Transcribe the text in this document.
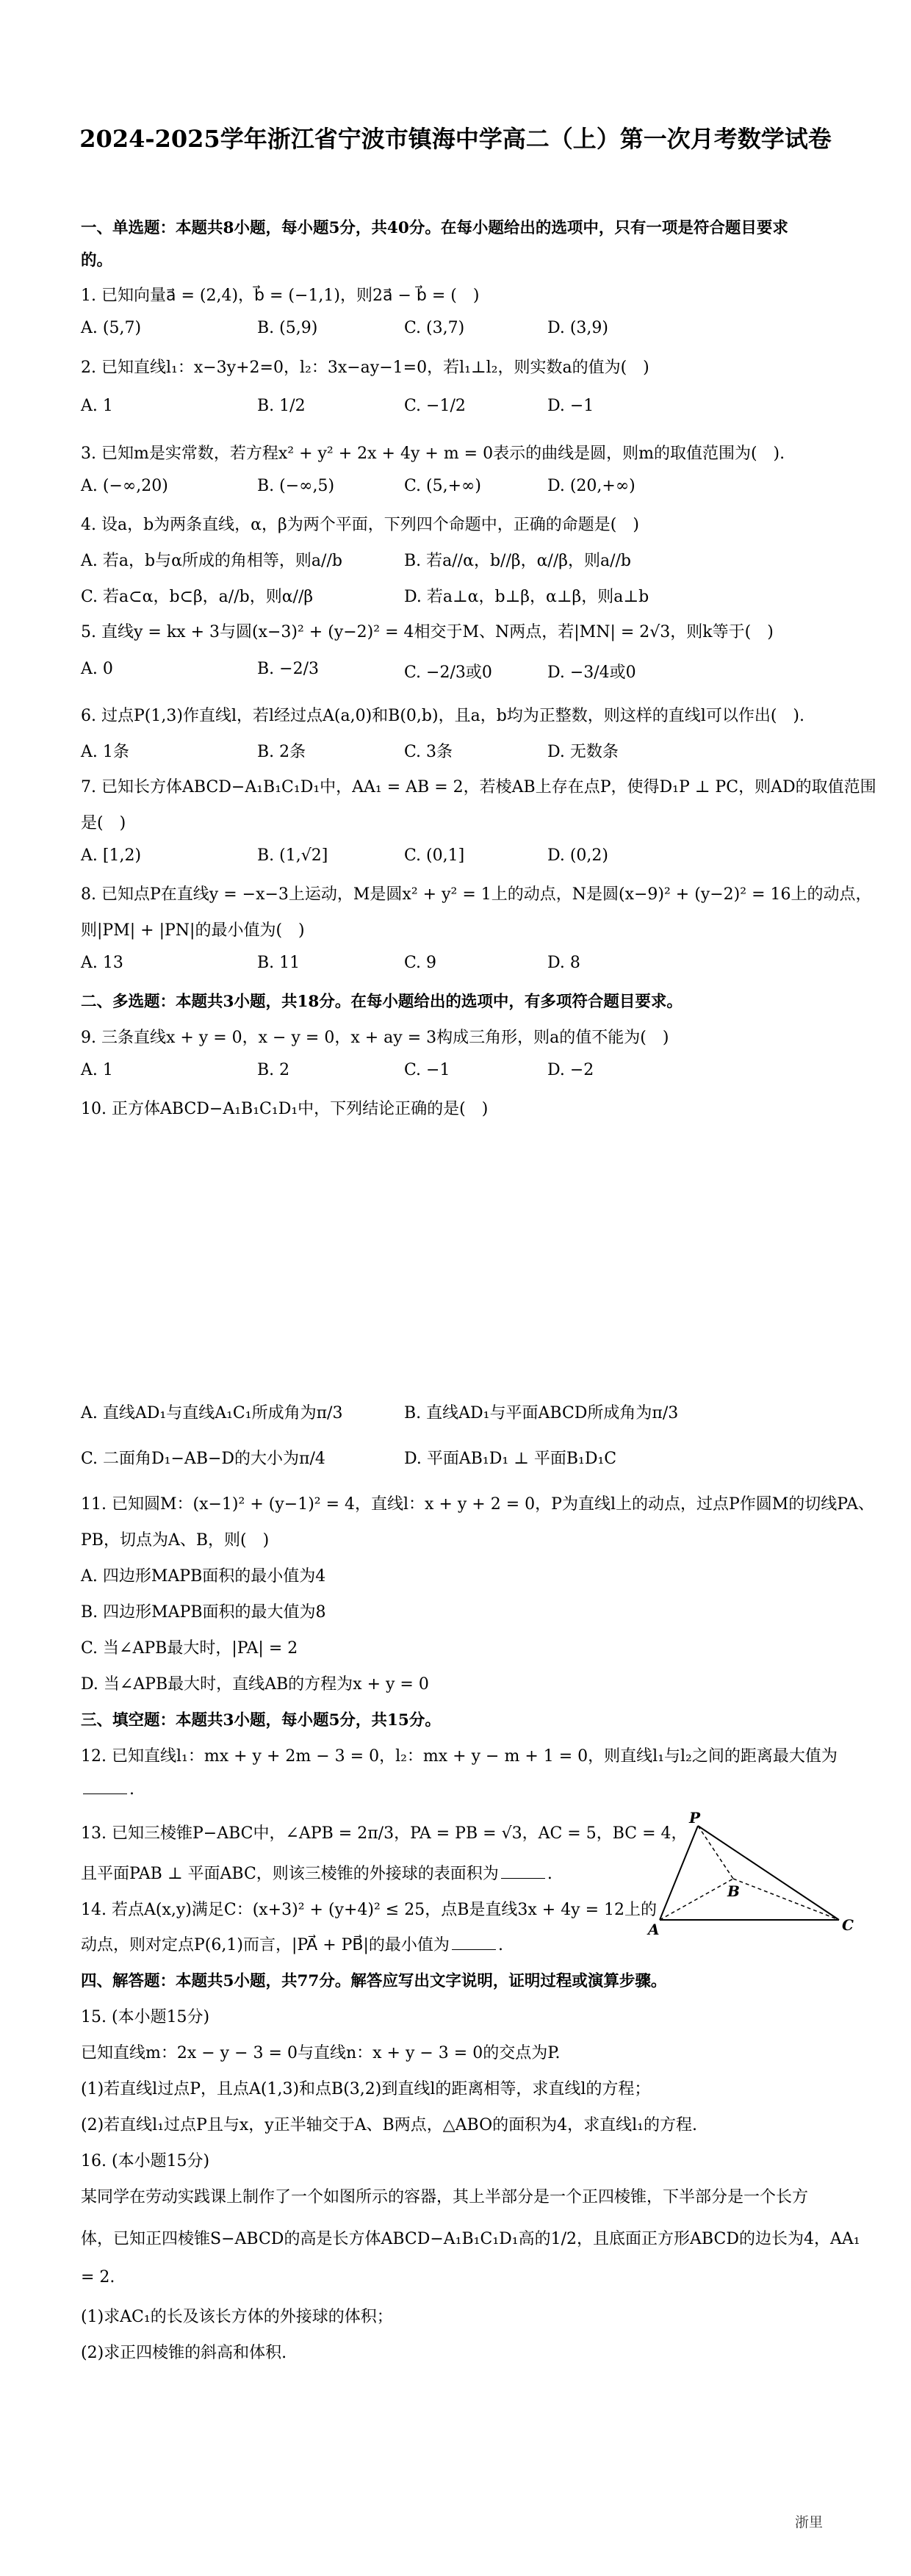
2024-2025学年浙江省宁波市镇海中学高二（上）第一次月考数学试卷
一、单选题：本题共8小题，每小题5分，共40分。在每小题给出的选项中，只有一项是符合题目要求
的。
1. 已知向量a⃗ = (2,4)，b⃗ = (−1,1)，则2a⃗ − b⃗ = (　)
A. (5,7)	B. (5,9)	C. (3,7)	D. (3,9)
2. 已知直线l₁：x−3y+2=0，l₂：3x−ay−1=0，若l₁⊥l₂，则实数a的值为(　)
A. 1	B. 1/2	C. −1/2	D. −1
3. 已知m是实常数，若方程x² + y² + 2x + 4y + m = 0表示的曲线是圆，则m的取值范围为(　).
A. (−∞,20)	B. (−∞,5)	C. (5,+∞)	D. (20,+∞)
4. 设a，b为两条直线，α，β为两个平面，下列四个命题中，正确的命题是(　)
A. 若a，b与α所成的角相等，则a//b	B. 若a//α，b//β，α//β，则a//b
C. 若a⊂α，b⊂β，a//b，则α//β	D. 若a⊥α，b⊥β，α⊥β，则a⊥b
5. 直线y = kx + 3与圆(x−3)² + (y−2)² = 4相交于M、N两点，若|MN| = 2√3，则k等于(　)
A. 0	B. −2/3	C. −2/3或0	D. −3/4或0
6. 过点P(1,3)作直线l，若l经过点A(a,0)和B(0,b)，且a，b均为正整数，则这样的直线l可以作出(　).
A. 1条	B. 2条	C. 3条	D. 无数条
7. 已知长方体ABCD−A₁B₁C₁D₁中，AA₁ = AB = 2，若棱AB上存在点P，使得D₁P ⊥ PC，则AD的取值范围
是(　)
A. [1,2)	B. (1,√2]	C. (0,1]	D. (0,2)
8. 已知点P在直线y = −x−3上运动，M是圆x² + y² = 1上的动点，N是圆(x−9)² + (y−2)² = 16上的动点，
则|PM| + |PN|的最小值为(　)
A. 13	B. 11	C. 9	D. 8
二、多选题：本题共3小题，共18分。在每小题给出的选项中，有多项符合题目要求。
9. 三条直线x + y = 0，x − y = 0，x + ay = 3构成三角形，则a的值不能为(　)
A. 1	B. 2	C. −1	D. −2
10. 正方体ABCD−A₁B₁C₁D₁中，下列结论正确的是(　)
A. 直线AD₁与直线A₁C₁所成角为π/3	B. 直线AD₁与平面ABCD所成角为π/3
C. 二面角D₁−AB−D的大小为π/4	D. 平面AB₁D₁ ⊥ 平面B₁D₁C
11. 已知圆M：(x−1)² + (y−1)² = 4，直线l：x + y + 2 = 0，P为直线l上的动点，过点P作圆M的切线PA、
PB，切点为A、B，则(　)
A. 四边形MAPB面积的最小值为4
B. 四边形MAPB面积的最大值为8
C. 当∠APB最大时，|PA| = 2
D. 当∠APB最大时，直线AB的方程为x + y = 0
三、填空题：本题共3小题，每小题5分，共15分。
12. 已知直线l₁：mx + y + 2m − 3 = 0，l₂：mx + y − m + 1 = 0，则直线l₁与l₂之间的距离最大值为
.
13. 已知三棱锥P−ABC中，∠APB = 2π/3，PA = PB = √3，AC = 5，BC = 4，
且平面PAB ⊥ 平面ABC，则该三棱锥的外接球的表面积为	.
14. 若点A(x,y)满足C：(x+3)² + (y+4)² ≤ 25，点B是直线3x + 4y = 12上的
动点，则对定点P(6,1)而言，|PA⃗ + PB⃗|的最小值为	.
P
A
B
C
四、解答题：本题共5小题，共77分。解答应写出文字说明，证明过程或演算步骤。
15. (本小题15分)
已知直线m：2x − y − 3 = 0与直线n：x + y − 3 = 0的交点为P.
(1)若直线l过点P，且点A(1,3)和点B(3,2)到直线l的距离相等，求直线l的方程；
(2)若直线l₁过点P且与x，y正半轴交于A、B两点，△ABO的面积为4，求直线l₁的方程.
16. (本小题15分)
某同学在劳动实践课上制作了一个如图所示的容器，其上半部分是一个正四棱锥，下半部分是一个长方
体，已知正四棱锥S−ABCD的高是长方体ABCD−A₁B₁C₁D₁高的1/2，且底面正方形ABCD的边长为4，AA₁
= 2.
(1)求AC₁的长及该长方体的外接球的体积；
(2)求正四棱锥的斜高和体积.
浙里
